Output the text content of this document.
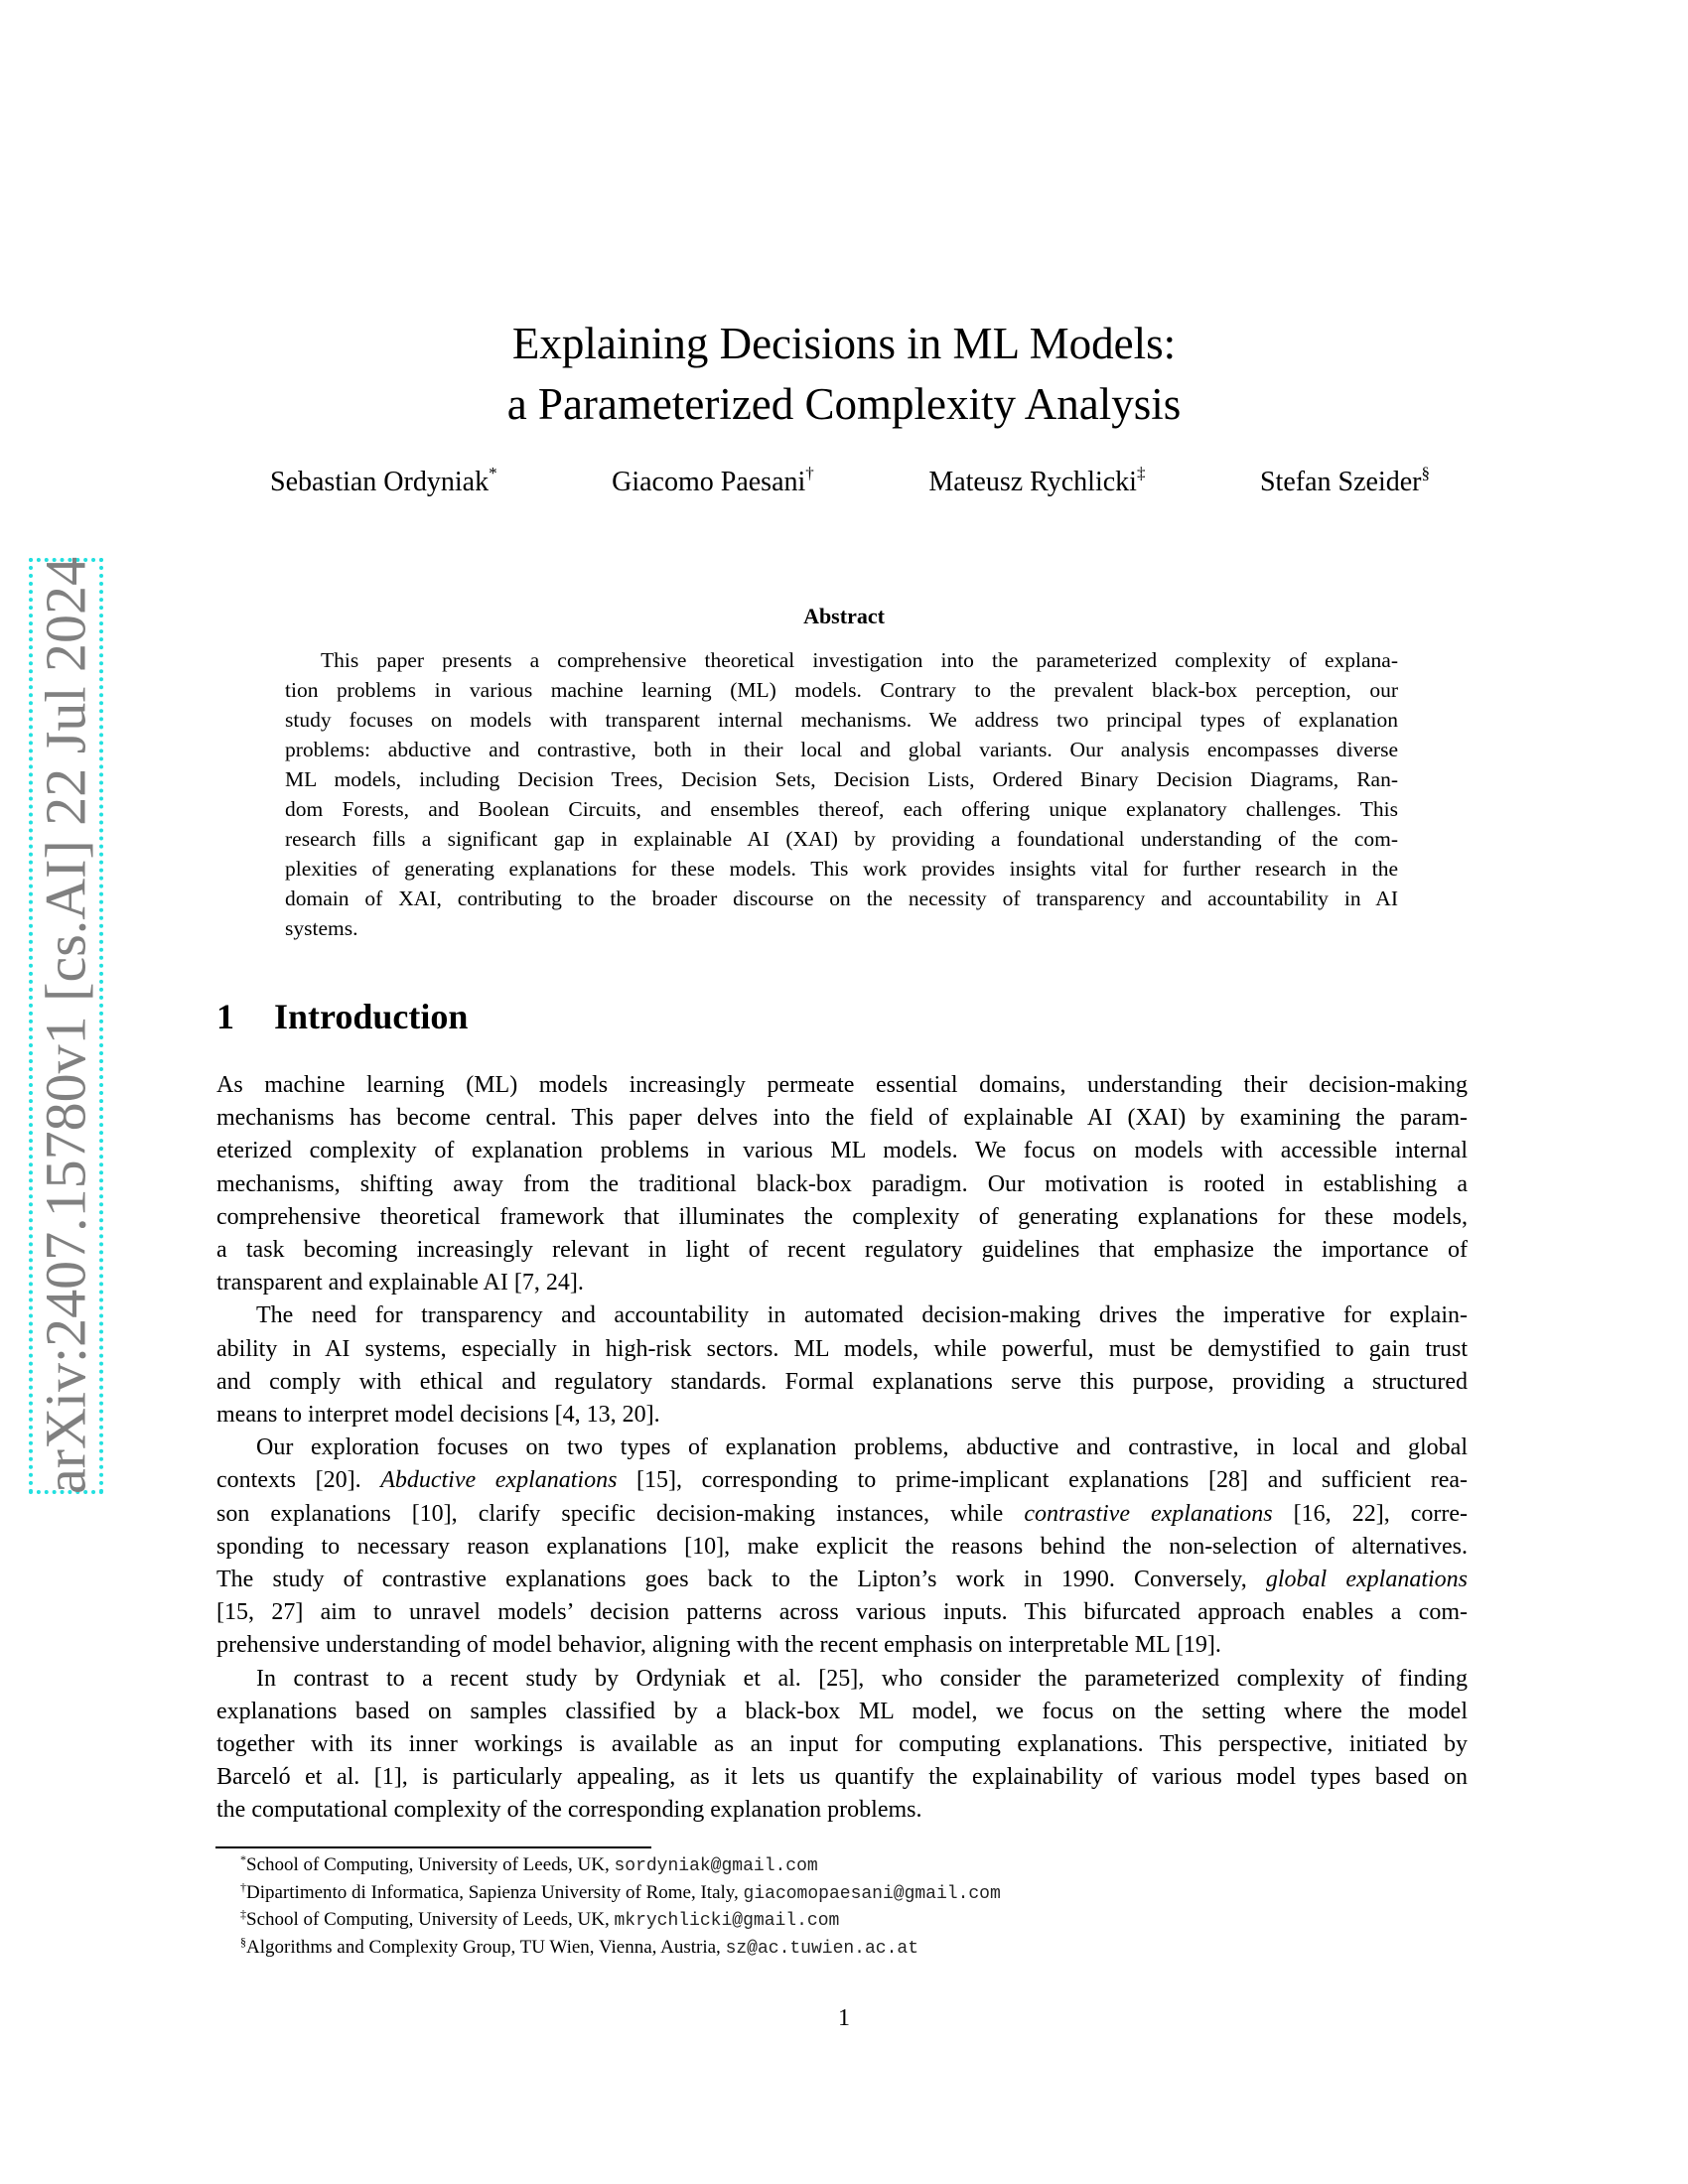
arXiv:2407.15780v1 [cs.AI] 22 Jul 2024
Explaining Decisions in ML Models:
a Parameterized Complexity Analysis
Sebastian Ordyniak*	Giacomo Paesani†	Mateusz Rychlicki‡	Stefan Szeider§
Abstract
This paper presents a comprehensive theoretical investigation into the parameterized complexity of explana-
tion problems in various machine learning (ML) models. Contrary to the prevalent black-box perception, our
study focuses on models with transparent internal mechanisms. We address two principal types of explanation
problems: abductive and contrastive, both in their local and global variants. Our analysis encompasses diverse
ML models, including Decision Trees, Decision Sets, Decision Lists, Ordered Binary Decision Diagrams, Ran-
dom Forests, and Boolean Circuits, and ensembles thereof, each offering unique explanatory challenges. This
research fills a significant gap in explainable AI (XAI) by providing a foundational understanding of the com-
plexities of generating explanations for these models. This work provides insights vital for further research in the
domain of XAI, contributing to the broader discourse on the necessity of transparency and accountability in AI
systems.
1 Introduction
As machine learning (ML) models increasingly permeate essential domains, understanding their decision-making
mechanisms has become central. This paper delves into the field of explainable AI (XAI) by examining the param-
eterized complexity of explanation problems in various ML models. We focus on models with accessible internal
mechanisms, shifting away from the traditional black-box paradigm. Our motivation is rooted in establishing a
comprehensive theoretical framework that illuminates the complexity of generating explanations for these models,
a task becoming increasingly relevant in light of recent regulatory guidelines that emphasize the importance of
transparent and explainable AI [7, 24].
The need for transparency and accountability in automated decision-making drives the imperative for explain-
ability in AI systems, especially in high-risk sectors. ML models, while powerful, must be demystified to gain trust
and comply with ethical and regulatory standards. Formal explanations serve this purpose, providing a structured
means to interpret model decisions [4, 13, 20].
Our exploration focuses on two types of explanation problems, abductive and contrastive, in local and global
contexts [20]. Abductive explanations [15], corresponding to prime-implicant explanations [28] and sufficient rea-
son explanations [10], clarify specific decision-making instances, while contrastive explanations [16, 22], corre-
sponding to necessary reason explanations [10], make explicit the reasons behind the non-selection of alternatives.
The study of contrastive explanations goes back to the Lipton’s work in 1990. Conversely, global explanations
[15, 27] aim to unravel models’ decision patterns across various inputs. This bifurcated approach enables a com-
prehensive understanding of model behavior, aligning with the recent emphasis on interpretable ML [19].
In contrast to a recent study by Ordyniak et al. [25], who consider the parameterized complexity of finding
explanations based on samples classified by a black-box ML model, we focus on the setting where the model
together with its inner workings is available as an input for computing explanations. This perspective, initiated by
Barceló et al. [1], is particularly appealing, as it lets us quantify the explainability of various model types based on
the computational complexity of the corresponding explanation problems.
*School of Computing, University of Leeds, UK, sordyniak@gmail.com
†Dipartimento di Informatica, Sapienza University of Rome, Italy, giacomopaesani@gmail.com
‡School of Computing, University of Leeds, UK, mkrychlicki@gmail.com
§Algorithms and Complexity Group, TU Wien, Vienna, Austria, sz@ac.tuwien.ac.at
1
